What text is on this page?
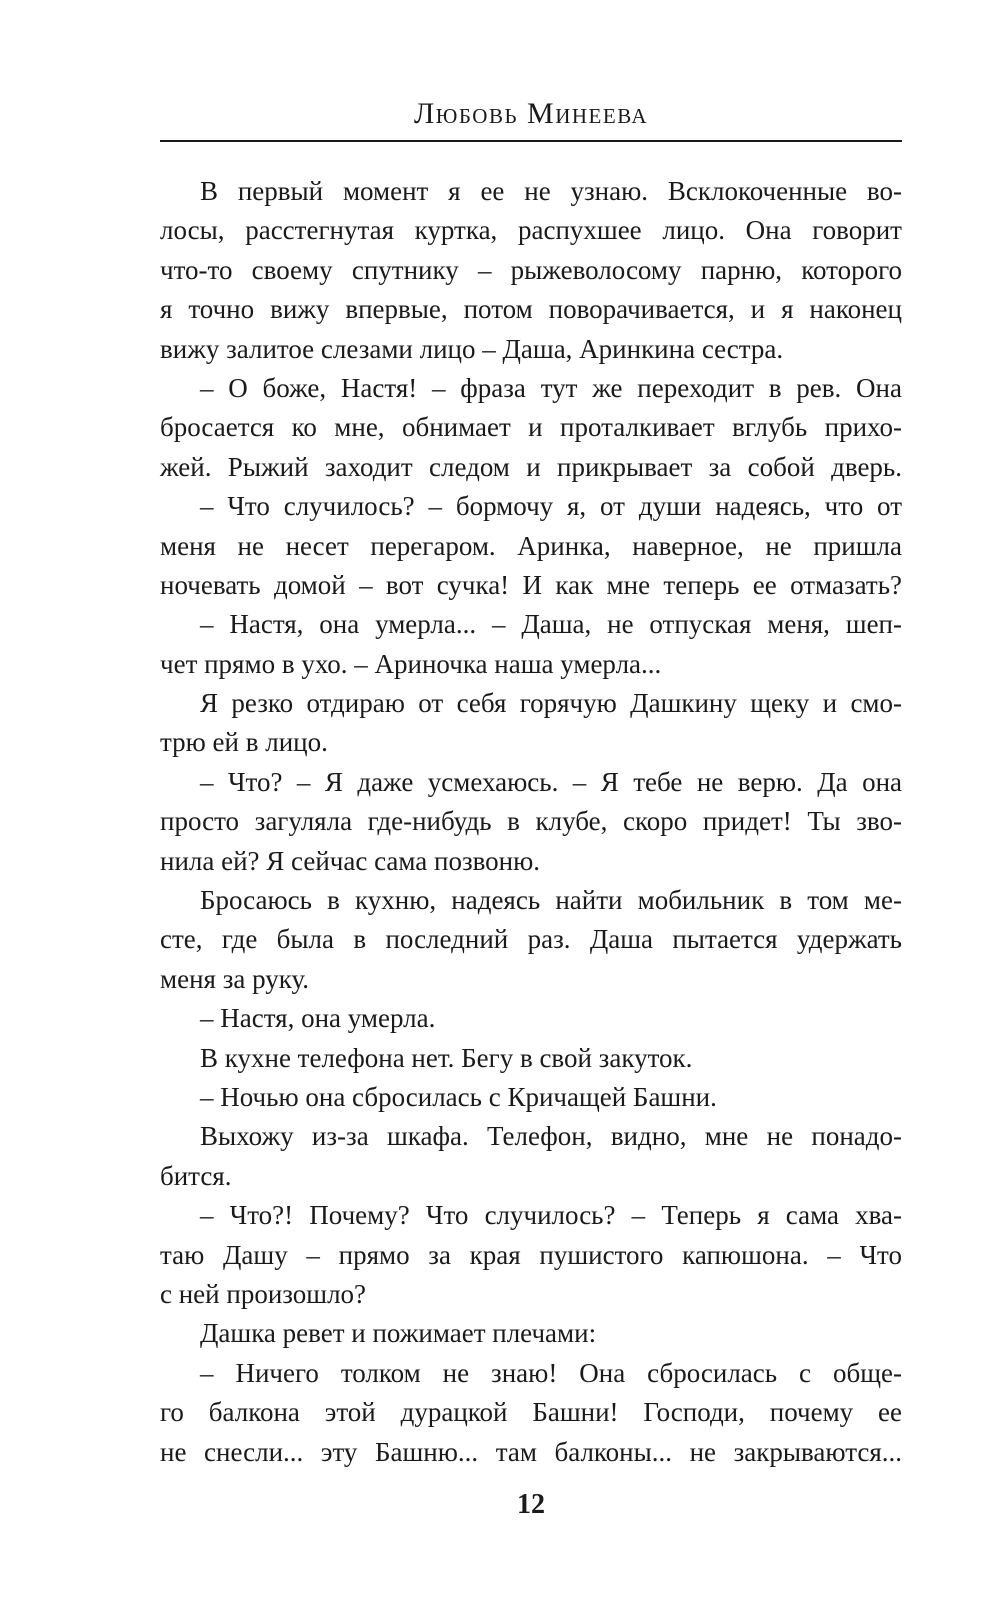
Любовь Минеева
В первый момент я ее не узнаю. Всклокоченные во-
лосы, расстегнутая куртка, распухшее лицо. Она говорит
что-то своему спутнику – рыжеволосому парню, которого
я точно вижу впервые, потом поворачивается, и я наконец
вижу залитое слезами лицо – Даша, Аринкина сестра.
– О боже, Настя! – фраза тут же переходит в рев. Она
бросается ко мне, обнимает и проталкивает вглубь прихо-
жей. Рыжий заходит следом и прикрывает за собой дверь.
– Что случилось? – бормочу я, от души надеясь, что от
меня не несет перегаром. Аринка, наверное, не пришла
ночевать домой – вот сучка! И как мне теперь ее отмазать?
– Настя, она умерла... – Даша, не отпуская меня, шеп-
чет прямо в ухо. – Ариночка наша умерла...
Я резко отдираю от себя горячую Дашкину щеку и смо-
трю ей в лицо.
– Что? – Я даже усмехаюсь. – Я тебе не верю. Да она
просто загуляла где-нибудь в клубе, скоро придет! Ты зво-
нила ей? Я сейчас сама позвоню.
Бросаюсь в кухню, надеясь найти мобильник в том ме-
сте, где была в последний раз. Даша пытается удержать
меня за руку.
– Настя, она умерла.
В кухне телефона нет. Бегу в свой закуток.
– Ночью она сбросилась с Кричащей Башни.
Выхожу из-за шкафа. Телефон, видно, мне не понадо-
бится.
– Что?! Почему? Что случилось? – Теперь я сама хва-
таю Дашу – прямо за края пушистого капюшона. – Что
с ней произошло?
Дашка ревет и пожимает плечами:
– Ничего толком не знаю! Она сбросилась с обще-
го балкона этой дурацкой Башни! Господи, почему ее
не снесли... эту Башню... там балконы... не закрываются...
12
